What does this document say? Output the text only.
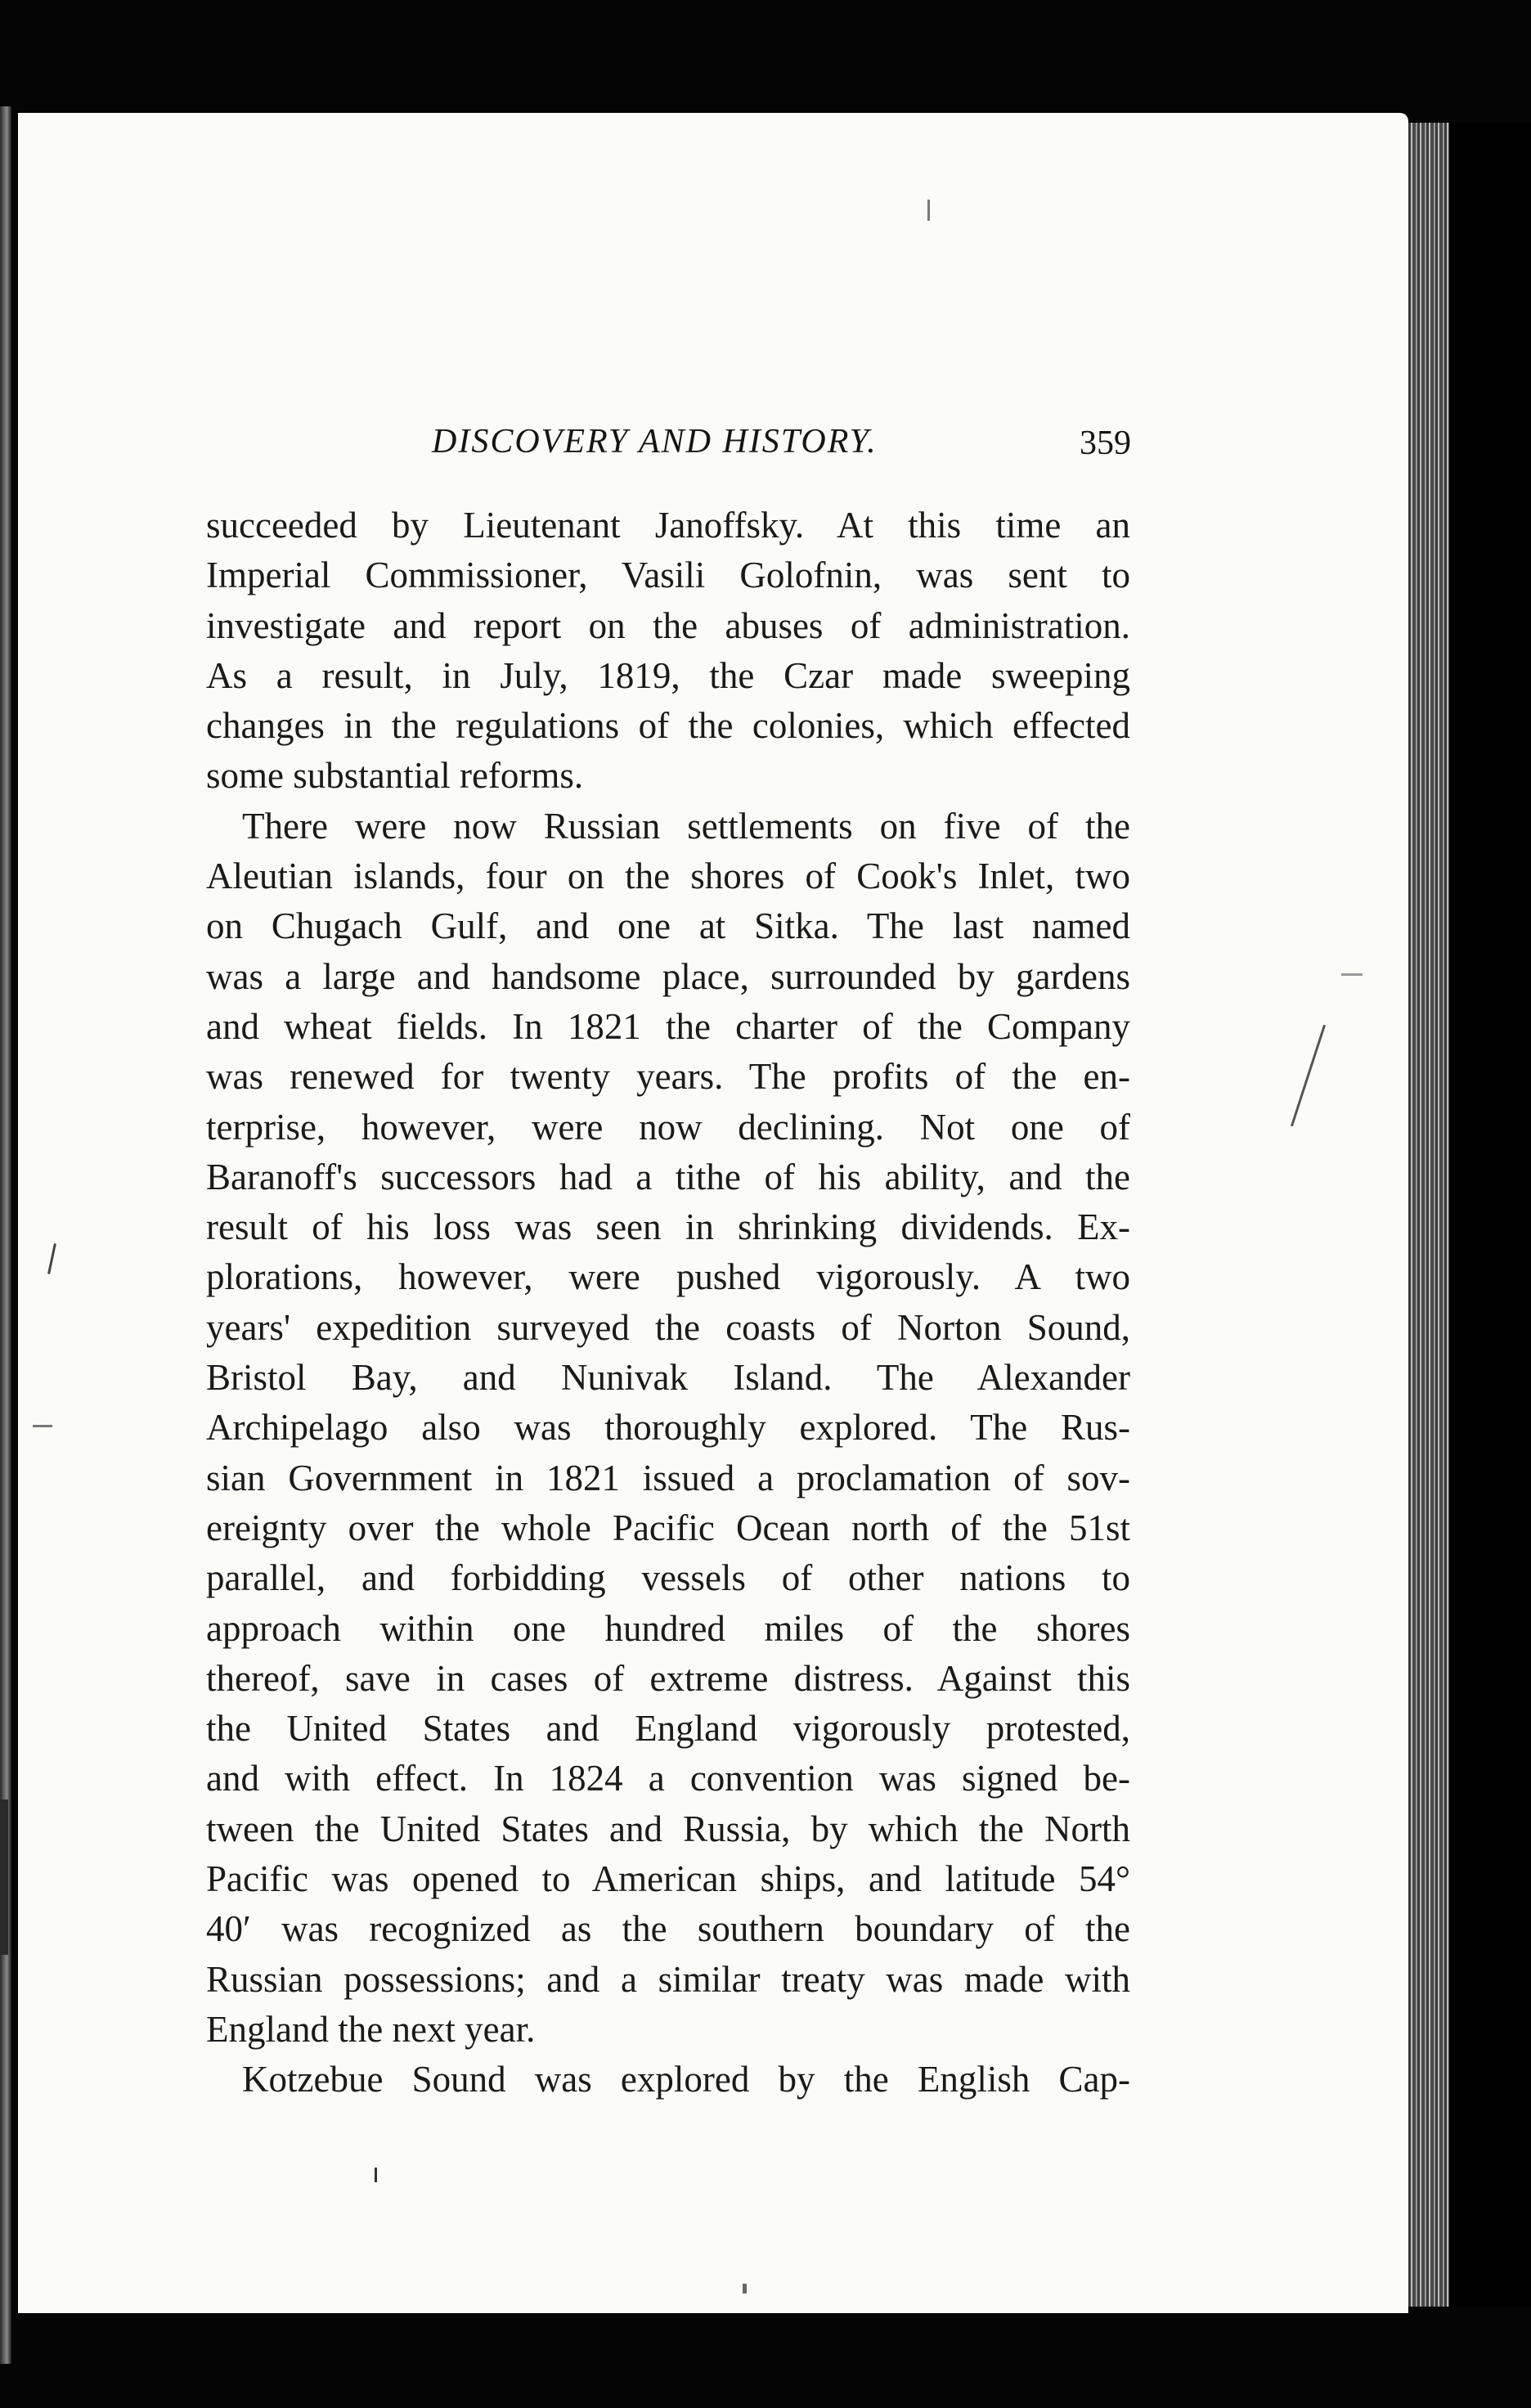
DISCOVERY AND HISTORY.	359
succeeded by Lieutenant Janoffsky. At this time an
Imperial Commissioner, Vasili Golofnin, was sent to
investigate and report on the abuses of administration.
As a result, in July, 1819, the Czar made sweeping
changes in the regulations of the colonies, which effected
some substantial reforms.
There were now Russian settlements on five of the
Aleutian islands, four on the shores of Cook's Inlet, two
on Chugach Gulf, and one at Sitka. The last named
was a large and handsome place, surrounded by gardens
and wheat fields. In 1821 the charter of the Company
was renewed for twenty years. The profits of the en-
terprise, however, were now declining. Not one of
Baranoff's successors had a tithe of his ability, and the
result of his loss was seen in shrinking dividends. Ex-
plorations, however, were pushed vigorously. A two
years' expedition surveyed the coasts of Norton Sound,
Bristol Bay, and Nunivak Island. The Alexander
Archipelago also was thoroughly explored. The Rus-
sian Government in 1821 issued a proclamation of sov-
ereignty over the whole Pacific Ocean north of the 51st
parallel, and forbidding vessels of other nations to
approach within one hundred miles of the shores
thereof, save in cases of extreme distress. Against this
the United States and England vigorously protested,
and with effect. In 1824 a convention was signed be-
tween the United States and Russia, by which the North
Pacific was opened to American ships, and latitude 54°
40′ was recognized as the southern boundary of the
Russian possessions; and a similar treaty was made with
England the next year.
Kotzebue Sound was explored by the English Cap-
